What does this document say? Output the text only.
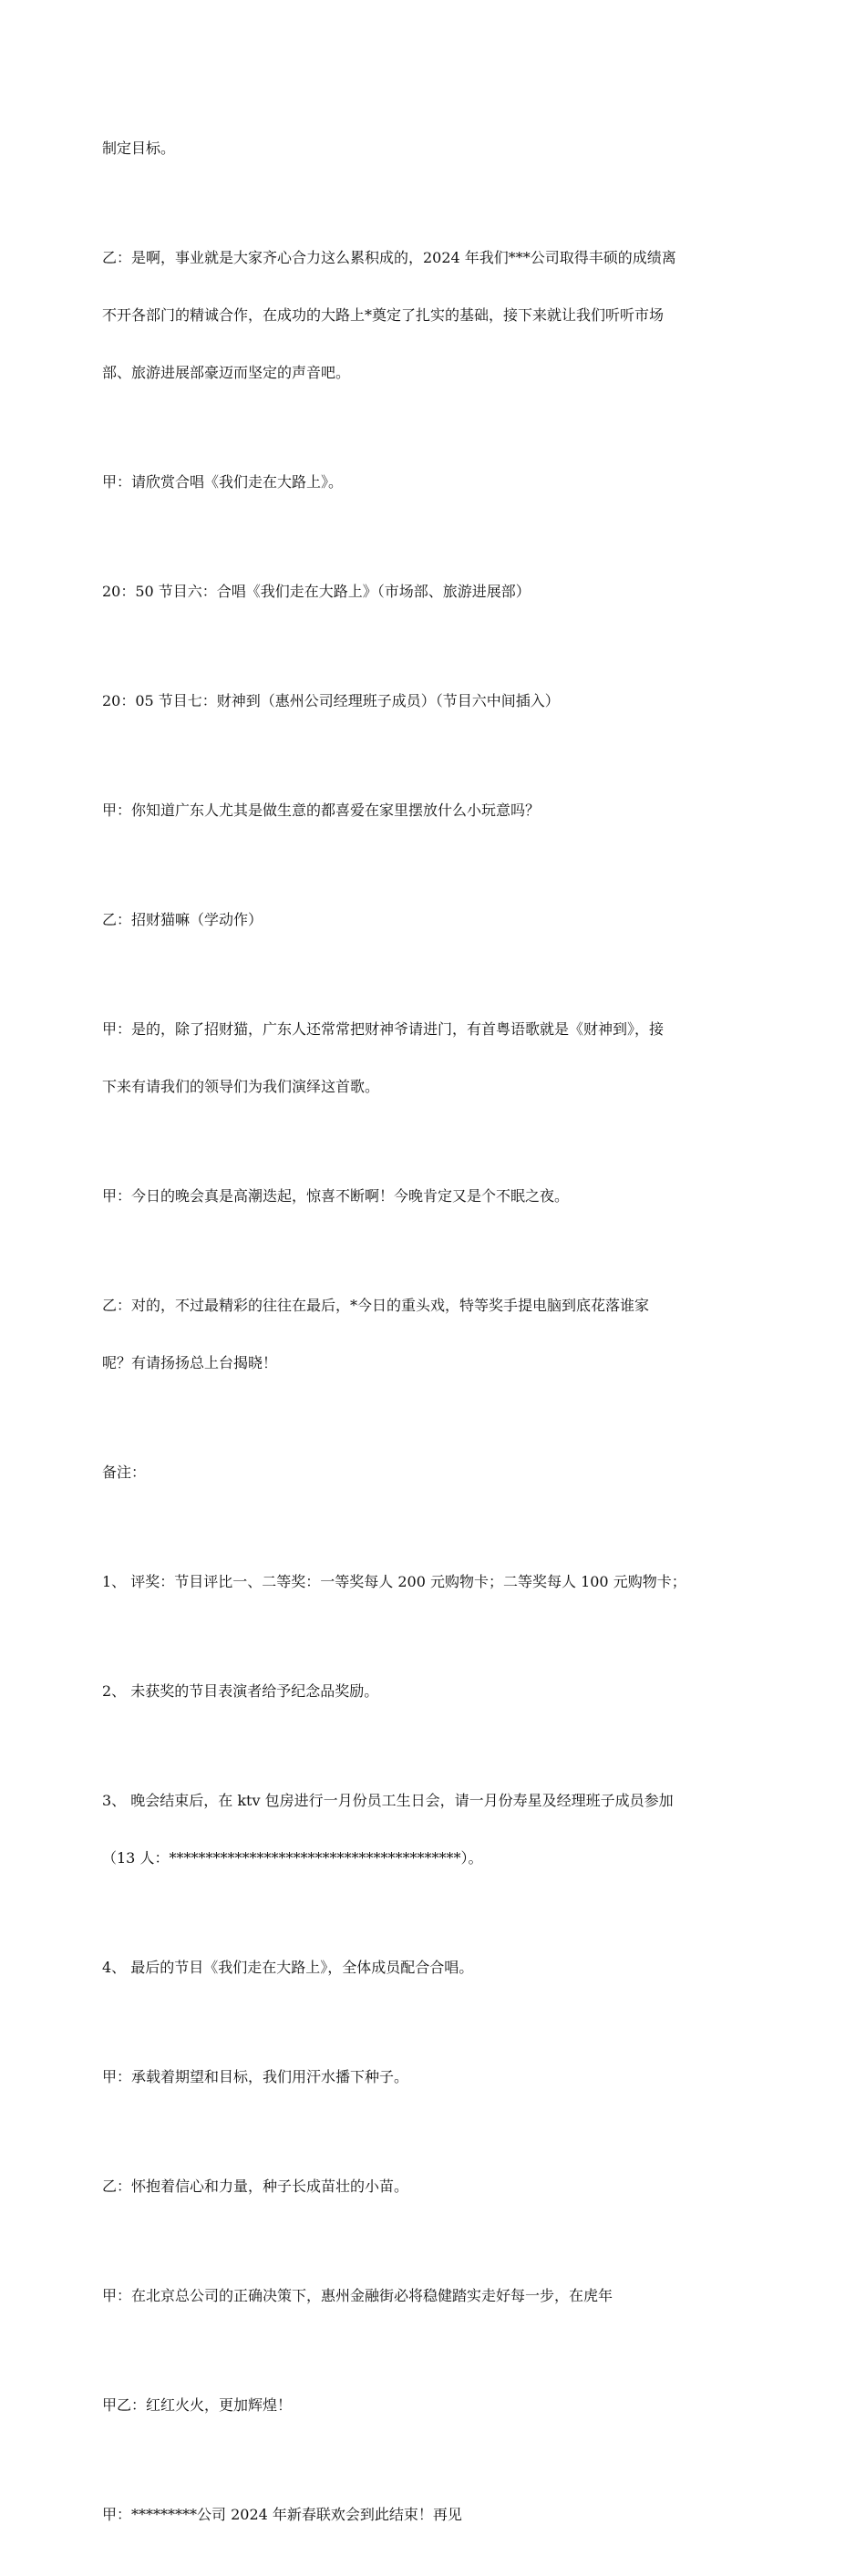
制定目标。

乙：是啊，事业就是大家齐心合力这么累积成的，2024 年我们***公司取得丰硕的成绩离

不开各部门的精诚合作，在成功的大路上*奠定了扎实的基础，接下来就让我们听听市场

部、旅游进展部豪迈而坚定的声音吧。

甲：请欣赏合唱《我们走在大路上》。

20：50 节目六：合唱《我们走在大路上》（市场部、旅游进展部）

20：05 节目七：财神到（惠州公司经理班子成员）（节目六中间插入）

甲：你知道广东人尤其是做生意的都喜爱在家里摆放什么小玩意吗？

乙：招财猫嘛（学动作）

甲：是的，除了招财猫，广东人还常常把财神爷请进门，有首粤语歌就是《财神到》，接

下来有请我们的领导们为我们演绎这首歌。

甲：今日的晚会真是高潮迭起，惊喜不断啊！今晚肯定又是个不眠之夜。

乙：对的，不过最精彩的往往在最后，*今日的重头戏，特等奖手提电脑到底花落谁家

呢？有请扬扬总上台揭晓！

备注：

1、 评奖：节目评比一、二等奖：一等奖每人 200 元购物卡；二等奖每人 100 元购物卡；

2、 未获奖的节目表演者给予纪念品奖励。

3、 晚会结束后，在 ktv 包房进行一月份员工生日会，请一月份寿星及经理班子成员参加

（13 人：****************************************）。

4、 最后的节目《我们走在大路上》，全体成员配合合唱。

甲：承载着期望和目标，我们用汗水播下种子。

乙：怀抱着信心和力量，种子长成苗壮的小苗。

甲：在北京总公司的正确决策下，惠州金融街必将稳健踏实走好每一步，在虎年

甲乙：红红火火，更加辉煌！

甲：*********公司 2024 年新春联欢会到此结束！再见
